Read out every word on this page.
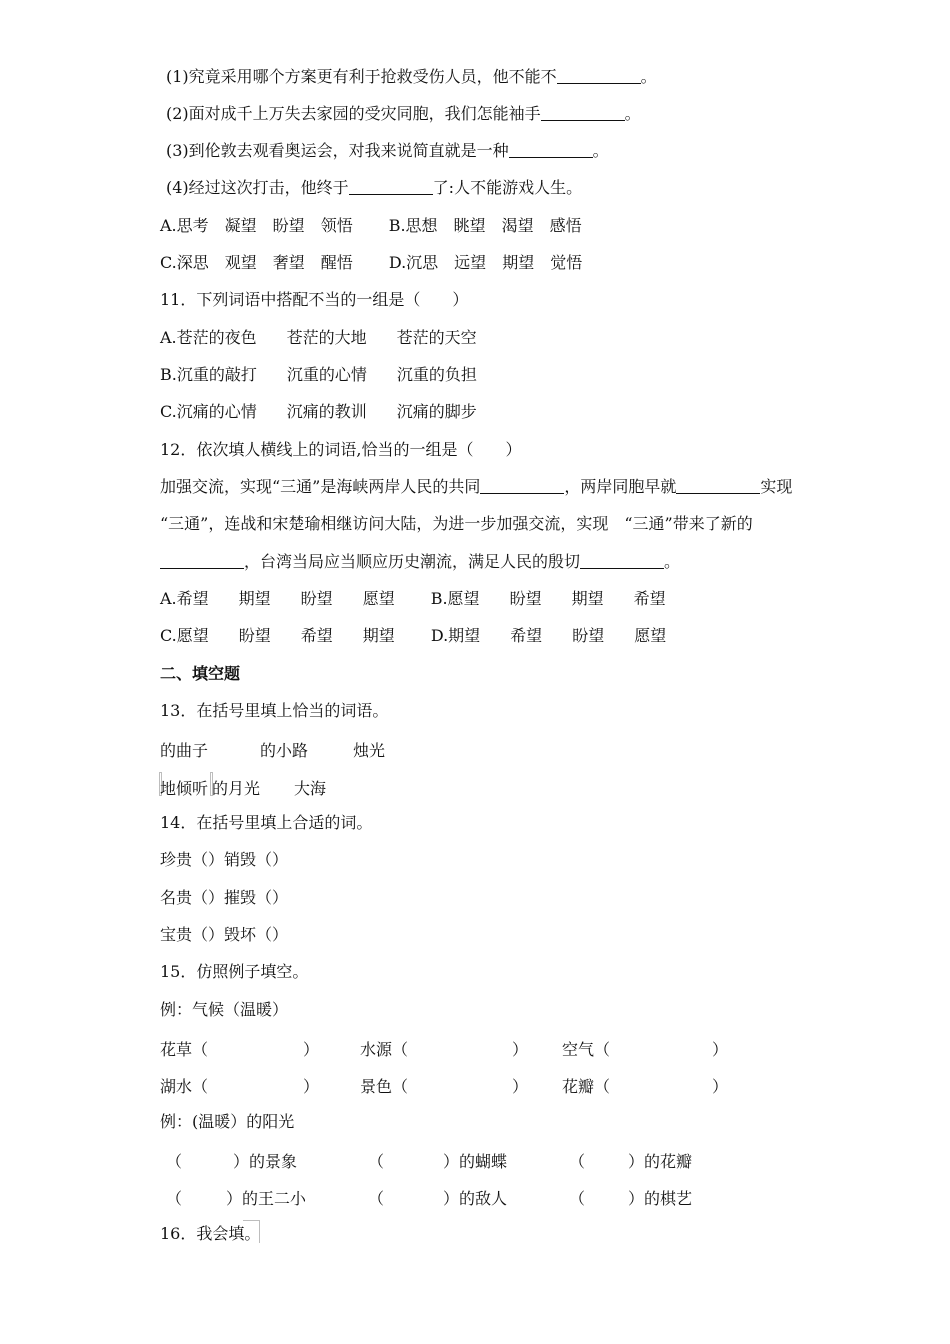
(1)究竟采用哪个方案更有利于抢救受伤人员，他不能不	。
(2)面对成千上万失去家园的受灾同胞，我们怎能袖手	。
(3)到伦敦去观看奥运会，对我来说简直就是一种	。
(4)经过这次打击，他终于	了:人不能游戏人生。
A.思考 凝望 盼望 领悟 B.思想 眺望 渴望 感悟
C.深思 观望 奢望 醒悟 D.沉思 远望 期望 觉悟
11．下列词语中搭配不当的一组是（　　）
A.苍茫的夜色 苍茫的大地 苍茫的天空
B.沉重的敲打 沉重的心情 沉重的负担
C.沉痛的心情 沉痛的教训 沉痛的脚步
12．依次填人横线上的词语,恰当的一组是（　　）
加强交流，实现“三通”是海峡两岸人民的共同	，两岸同胞早就	实现
“三通”，连战和宋楚瑜相继访问大陆，为进一步加强交流，实现　“三通”带来了新的
，台湾当局应当顺应历史潮流，满足人民的殷切	。
A.希望 期望 盼望 愿望 B.愿望 盼望 期望 希望
C.愿望 盼望 希望 期望 D.期望 希望 盼望 愿望
二、填空题
13．在括号里填上恰当的词语。
的曲子	的小路	烛光
地倾听 的月光 大海
14．在括号里填上合适的词。
珍贵（）销毁（）
名贵（）摧毁（）
宝贵（）毁坏（）
15．仿照例子填空。
例：气候（温暖）
花草（	）	水源（	） 空气（	）
湖水（	）	景色（	） 花瓣（	）
例：(温暖）的阳光
（	）的景象	（	）的蝴蝶	（	）的花瓣
（	）的王二小	（	）的敌人	（	）的棋艺
16．我会填。
